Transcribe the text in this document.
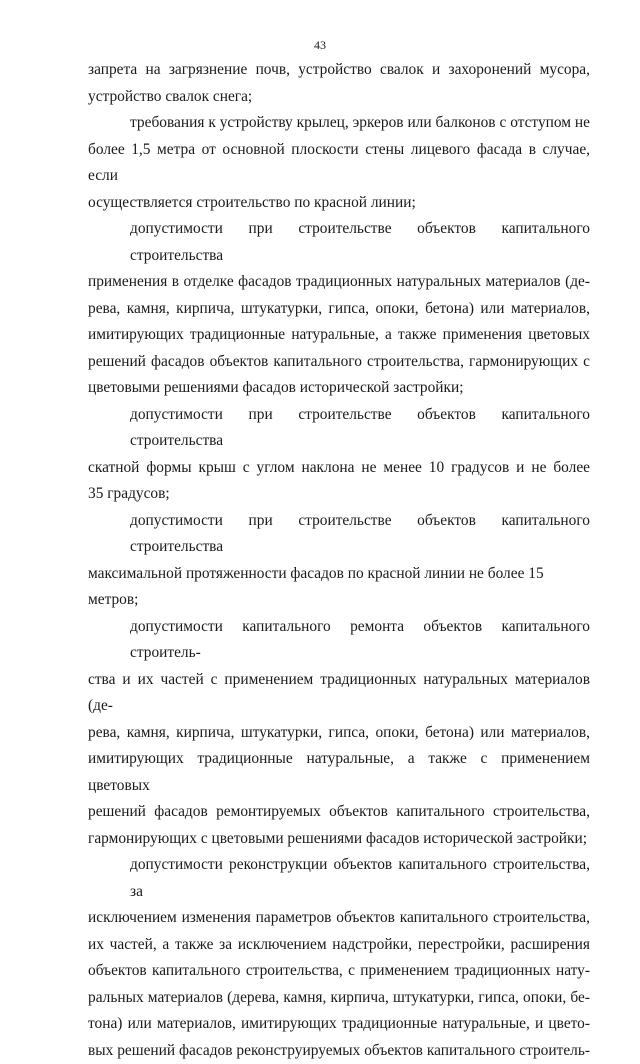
43
запрета на загрязнение почв, устройство свалок и захоронений мусора,
устройство свалок снега;
требования к устройству крылец, эркеров или балконов с отступом не
более 1,5 метра от основной плоскости стены лицевого фасада в случае, если
осуществляется строительство по красной линии;
допустимости при строительстве объектов капитального строительства
применения в отделке фасадов традиционных натуральных материалов (де-
рева, камня, кирпича, штукатурки, гипса, опоки, бетона) или материалов,
имитирующих традиционные натуральные, а также применения цветовых
решений фасадов объектов капитального строительства, гармонирующих с
цветовыми решениями фасадов исторической застройки;
допустимости при строительстве объектов капитального строительства
скатной формы крыш с углом наклона не менее 10 градусов и не более
35 градусов;
допустимости при строительстве объектов капитального строительства
максимальной протяженности фасадов по красной линии не более 15 метров;
допустимости капитального ремонта объектов капитального строитель-
ства и их частей с применением традиционных натуральных материалов (де-
рева, камня, кирпича, штукатурки, гипса, опоки, бетона) или материалов,
имитирующих традиционные натуральные, а также с применением цветовых
решений фасадов ремонтируемых объектов капитального строительства,
гармонирующих с цветовыми решениями фасадов исторической застройки;
допустимости реконструкции объектов капитального строительства, за
исключением изменения параметров объектов капитального строительства,
их частей, а также за исключением надстройки, перестройки, расширения
объектов капитального строительства, с применением традиционных нату-
ральных материалов (дерева, камня, кирпича, штукатурки, гипса, опоки, бе-
тона) или материалов, имитирующих традиционные натуральные, и цвето-
вых решений фасадов реконструируемых объектов капитального строитель-
